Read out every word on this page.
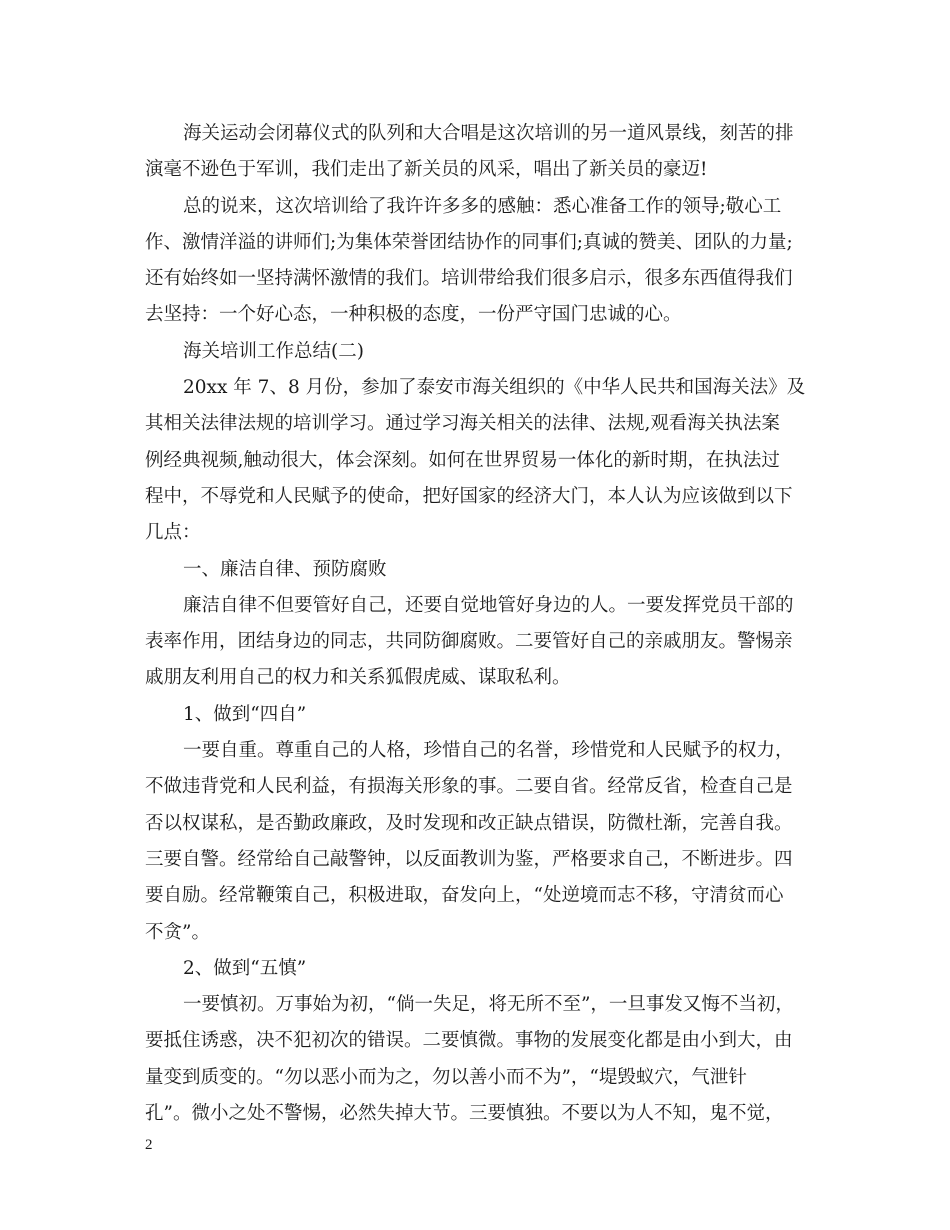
海关运动会闭幕仪式的队列和大合唱是这次培训的另一道风景线，刻苦的排
演毫不逊色于军训，我们走出了新关员的风采，唱出了新关员的豪迈!
总的说来，这次培训给了我许许多多的感触：悉心准备工作的领导;敬心工
作、激情洋溢的讲师们;为集体荣誉团结协作的同事们;真诚的赞美、团队的力量;
还有始终如一坚持满怀激情的我们。培训带给我们很多启示，很多东西值得我们
去坚持：一个好心态，一种积极的态度，一份严守国门忠诚的心。
海关培训工作总结(二)
20xx 年 7、8 月份，参加了泰安市海关组织的《中华人民共和国海关法》及
其相关法律法规的培训学习。通过学习海关相关的法律、法规,观看海关执法案
例经典视频,触动很大，体会深刻。如何在世界贸易一体化的新时期，在执法过
程中，不辱党和人民赋予的使命，把好国家的经济大门，本人认为应该做到以下
几点：
一、廉洁自律、预防腐败
廉洁自律不但要管好自己，还要自觉地管好身边的人。一要发挥党员干部的
表率作用，团结身边的同志，共同防御腐败。二要管好自己的亲戚朋友。警惕亲
戚朋友利用自己的权力和关系狐假虎威、谋取私利。
1、做到“四自”
一要自重。尊重自己的人格，珍惜自己的名誉，珍惜党和人民赋予的权力，
不做违背党和人民利益，有损海关形象的事。二要自省。经常反省，检查自己是
否以权谋私，是否勤政廉政，及时发现和改正缺点错误，防微杜渐，完善自我。
三要自警。经常给自己敲警钟，以反面教训为鉴，严格要求自己，不断进步。四
要自励。经常鞭策自己，积极进取，奋发向上，“处逆境而志不移，守清贫而心
不贪”。
2、做到“五慎”
一要慎初。万事始为初，“倘一失足，将无所不至”，一旦事发又悔不当初，
要抵住诱惑，决不犯初次的错误。二要慎微。事物的发展变化都是由小到大，由
量变到质变的。“勿以恶小而为之，勿以善小而不为”，“堤毁蚁穴，气泄针
孔”。微小之处不警惕，必然失掉大节。三要慎独。不要以为人不知，鬼不觉，
2
